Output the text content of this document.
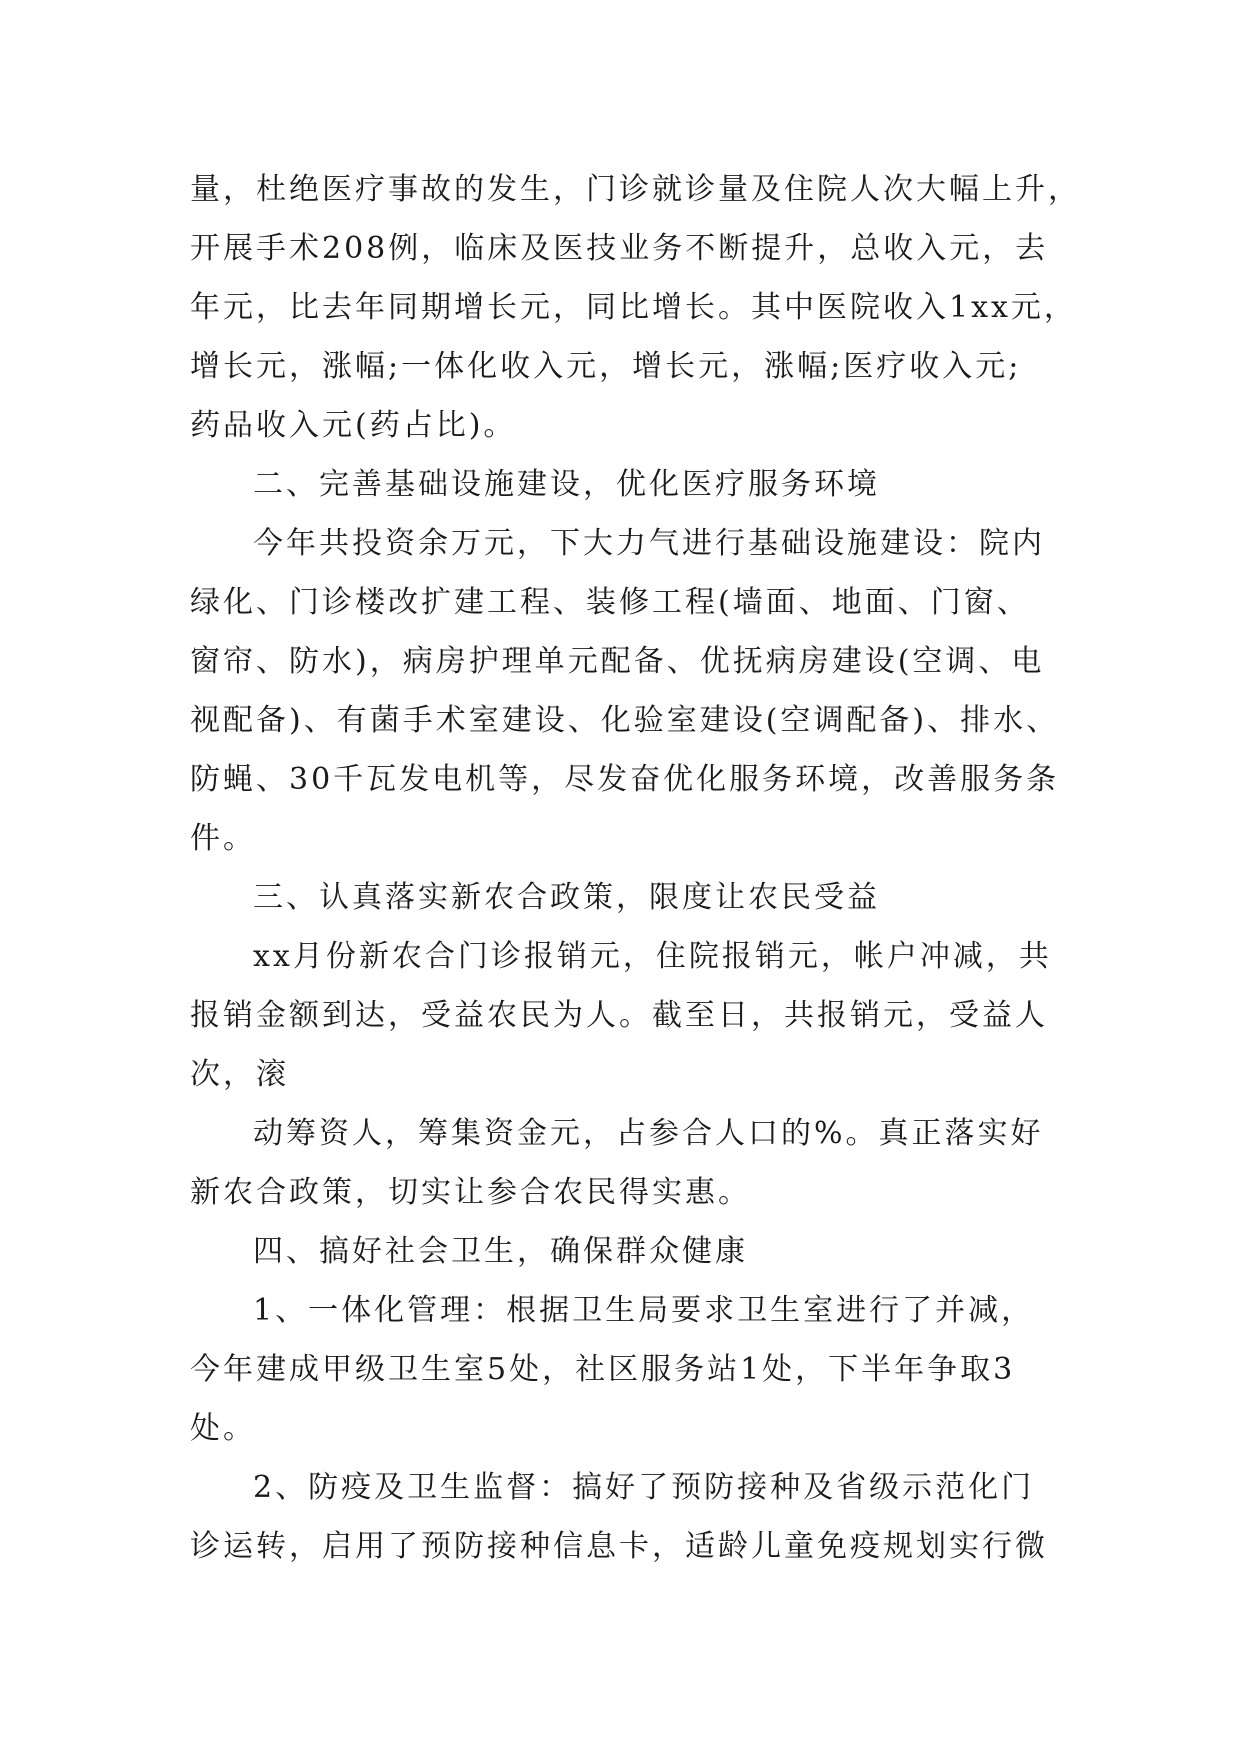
量，杜绝医疗事故的发生，门诊就诊量及住院人次大幅上升，
开展手术208例，临床及医技业务不断提升，总收入元，去
年元，比去年同期增长元，同比增长。其中医院收入1xx元，
增长元，涨幅;一体化收入元，增长元，涨幅;医疗收入元;
药品收入元(药占比)。
二、完善基础设施建设，优化医疗服务环境
今年共投资余万元，下大力气进行基础设施建设：院内
绿化、门诊楼改扩建工程、装修工程(墙面、地面、门窗、
窗帘、防水)，病房护理单元配备、优抚病房建设(空调、电
视配备)、有菌手术室建设、化验室建设(空调配备)、排水、
防蝇、30千瓦发电机等，尽发奋优化服务环境，改善服务条
件。
三、认真落实新农合政策，限度让农民受益
xx月份新农合门诊报销元，住院报销元，帐户冲减，共
报销金额到达，受益农民为人。截至日，共报销元，受益人
次，滚
动筹资人，筹集资金元，占参合人口的%。真正落实好
新农合政策，切实让参合农民得实惠。
四、搞好社会卫生，确保群众健康
1、一体化管理：根据卫生局要求卫生室进行了并减，
今年建成甲级卫生室5处，社区服务站1处，下半年争取3
处。
2、防疫及卫生监督：搞好了预防接种及省级示范化门
诊运转，启用了预防接种信息卡，适龄儿童免疫规划实行微
